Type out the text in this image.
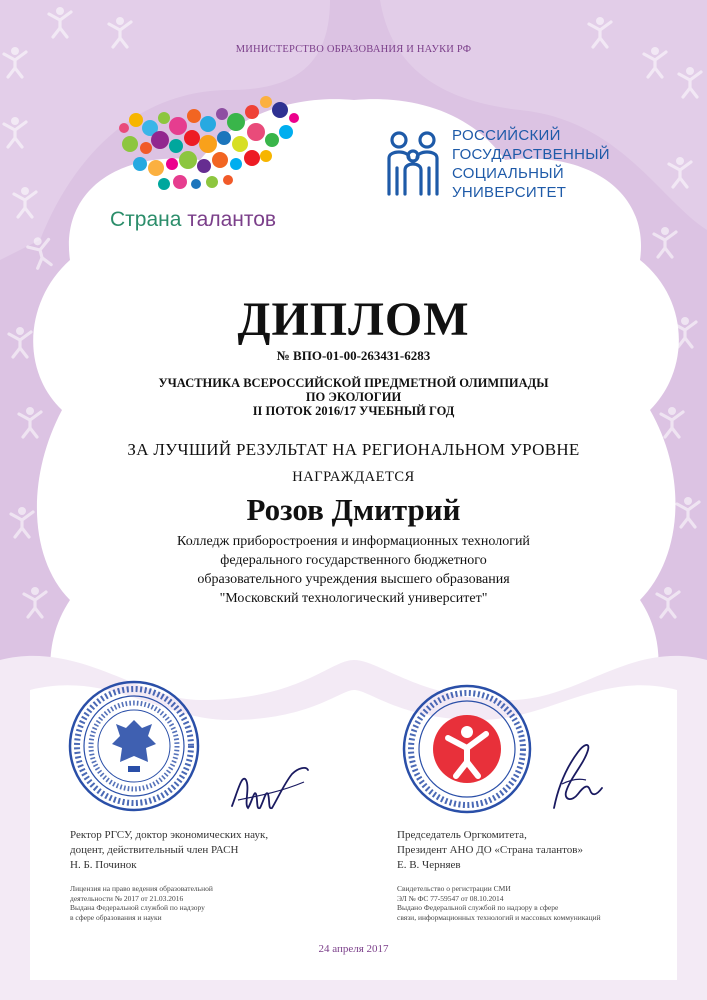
МИНИСТЕРСТВО ОБРАЗОВАНИЯ И НАУКИ РФ
Страна талантов
РОССИЙСКИЙ
ГОСУДАРСТВЕННЫЙ
СОЦИАЛЬНЫЙ
УНИВЕРСИТЕТ
ДИПЛОМ
№ ВПО-01-00-263431-6283
УЧАСТНИКА ВСЕРОССИЙСКОЙ ПРЕДМЕТНОЙ ОЛИМПИАДЫ
ПО ЭКОЛОГИИ
II ПОТОК 2016/17 УЧЕБНЫЙ ГОД
ЗА ЛУЧШИЙ РЕЗУЛЬТАТ НА РЕГИОНАЛЬНОМ УРОВНЕ
НАГРАЖДАЕТСЯ
Розов Дмитрий
Колледж приборостроения и информационных технологий
федерального государственного бюджетного
образовательного учреждения высшего образования
"Московский технологический университет"
Ректор РГСУ, доктор экономических наук,
доцент, действительный член РАСН
Н. Б. Починок
Председатель Оргкомитета,
Президент АНО ДО «Страна талантов»
Е. В. Черняев
Лицензия на право ведения образовательной
деятельности № 2017 от 21.03.2016
Выдана Федеральной службой по надзору
в сфере образования и науки
Свидетельство о регистрации СМИ
ЭЛ № ФС 77-59547 от 08.10.2014
Выдано Федеральной службой по надзору в сфере
связи, информационных технологий и массовых коммуникаций
24 апреля 2017
